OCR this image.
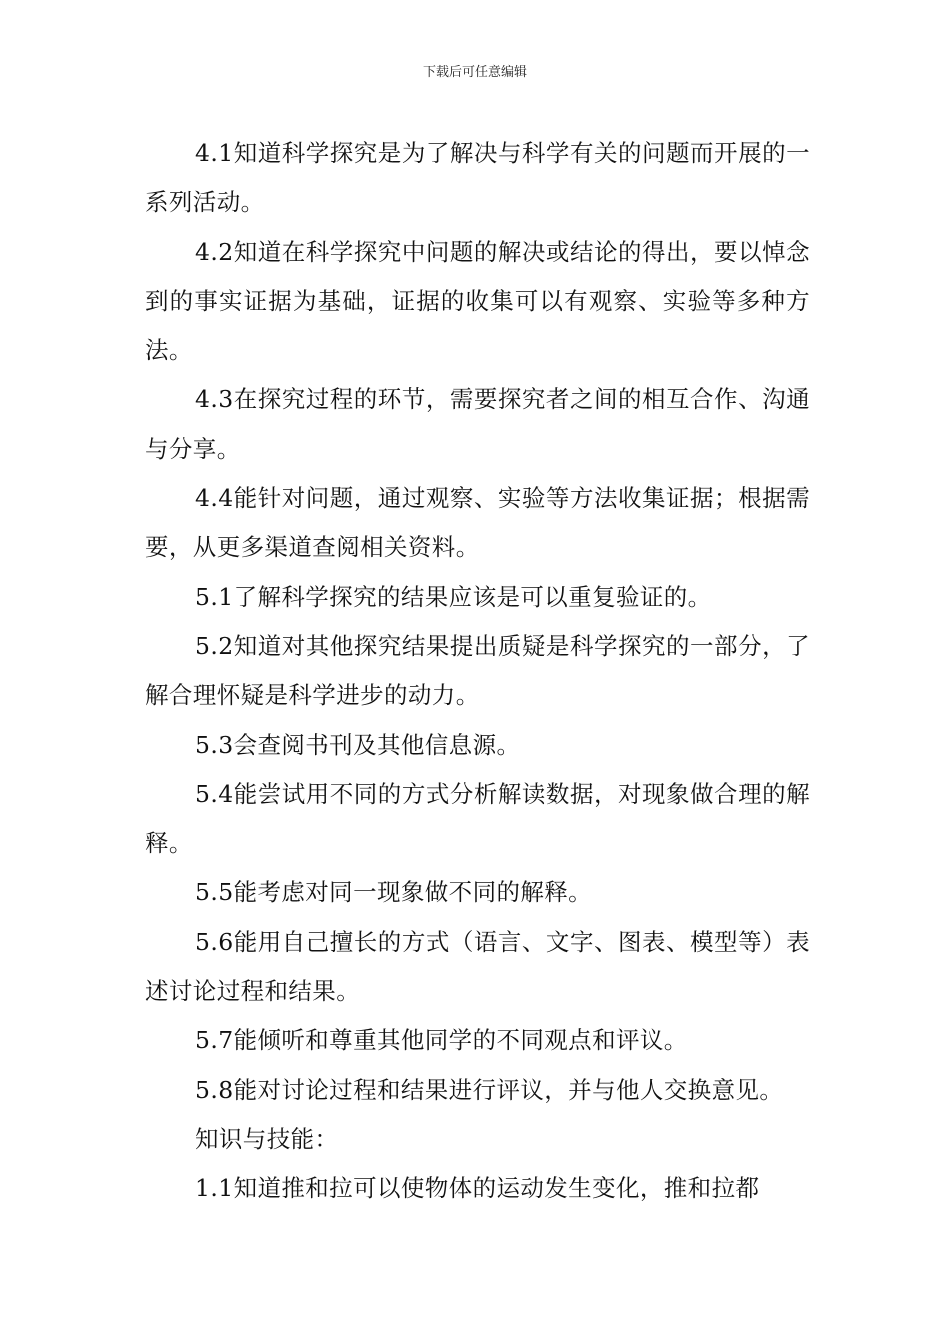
下载后可任意编辑

4.1知道科学探究是为了解决与科学有关的问题而开展的一系列活动。

4.2知道在科学探究中问题的解决或结论的得出，要以悼念到的事实证据为基础，证据的收集可以有观察、实验等多种方法。

4.3在探究过程的环节，需要探究者之间的相互合作、沟通与分享。

4.4能针对问题，通过观察、实验等方法收集证据；根据需要，从更多渠道查阅相关资料。

5.1了解科学探究的结果应该是可以重复验证的。

5.2知道对其他探究结果提出质疑是科学探究的一部分，了解合理怀疑是科学进步的动力。

5.3会查阅书刊及其他信息源。

5.4能尝试用不同的方式分析解读数据，对现象做合理的解释。

5.5能考虑对同一现象做不同的解释。

5.6能用自己擅长的方式（语言、文字、图表、模型等）表述讨论过程和结果。

5.7能倾听和尊重其他同学的不同观点和评议。

5.8能对讨论过程和结果进行评议，并与他人交换意见。

知识与技能：

1.1知道推和拉可以使物体的运动发生变化，推和拉都
